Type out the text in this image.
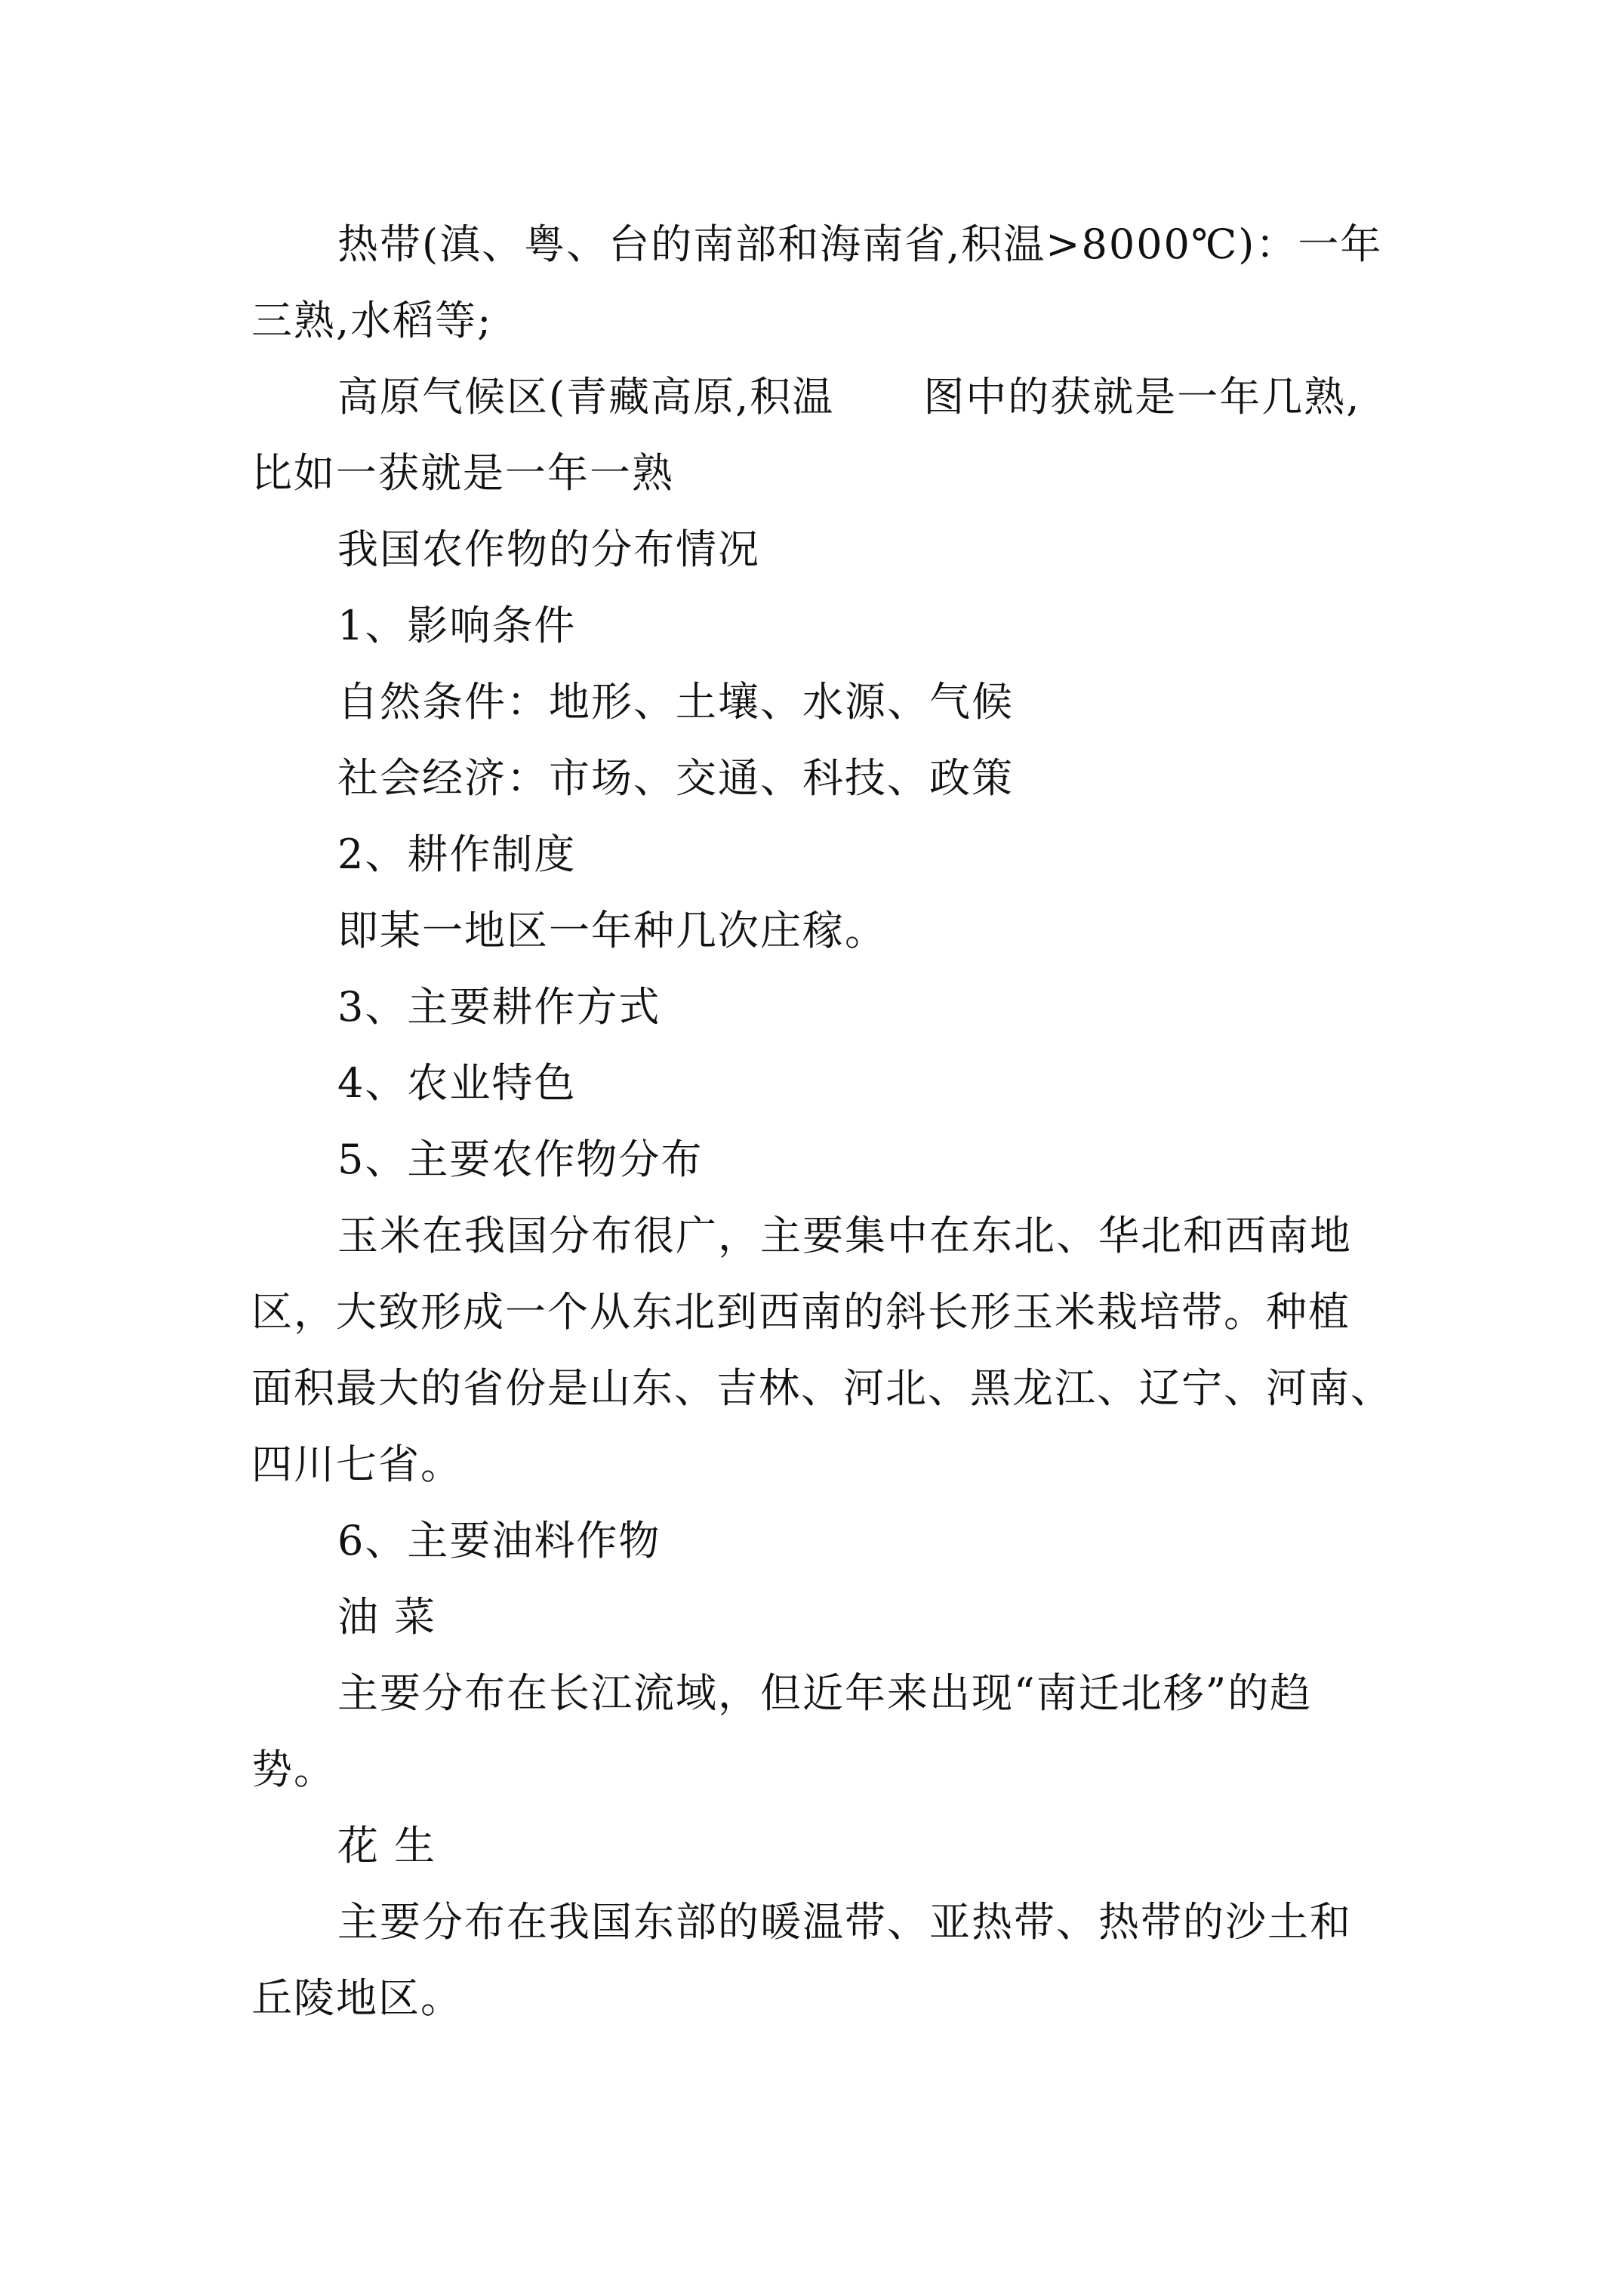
热带(滇、粤、台的南部和海南省,积温>8000℃)：一年
三熟,水稻等;
高原气候区(青藏高原,积温 图中的获就是一年几熟,
比如一获就是一年一熟
我国农作物的分布情况
1、影响条件
自然条件：地形、土壤、水源、气候
社会经济：市场、交通、科技、政策
2、耕作制度
即某一地区一年种几次庄稼。
3、主要耕作方式
4、农业特色
5、主要农作物分布
玉米在我国分布很广，主要集中在东北、华北和西南地
区，大致形成一个从东北到西南的斜长形玉米栽培带。种植
面积最大的省份是山东、吉林、河北、黑龙江、辽宁、河南、
四川七省。
6、主要油料作物
油 菜
主要分布在长江流域，但近年来出现“南迁北移”的趋
势。
花 生
主要分布在我国东部的暖温带、亚热带、热带的沙土和
丘陵地区。
